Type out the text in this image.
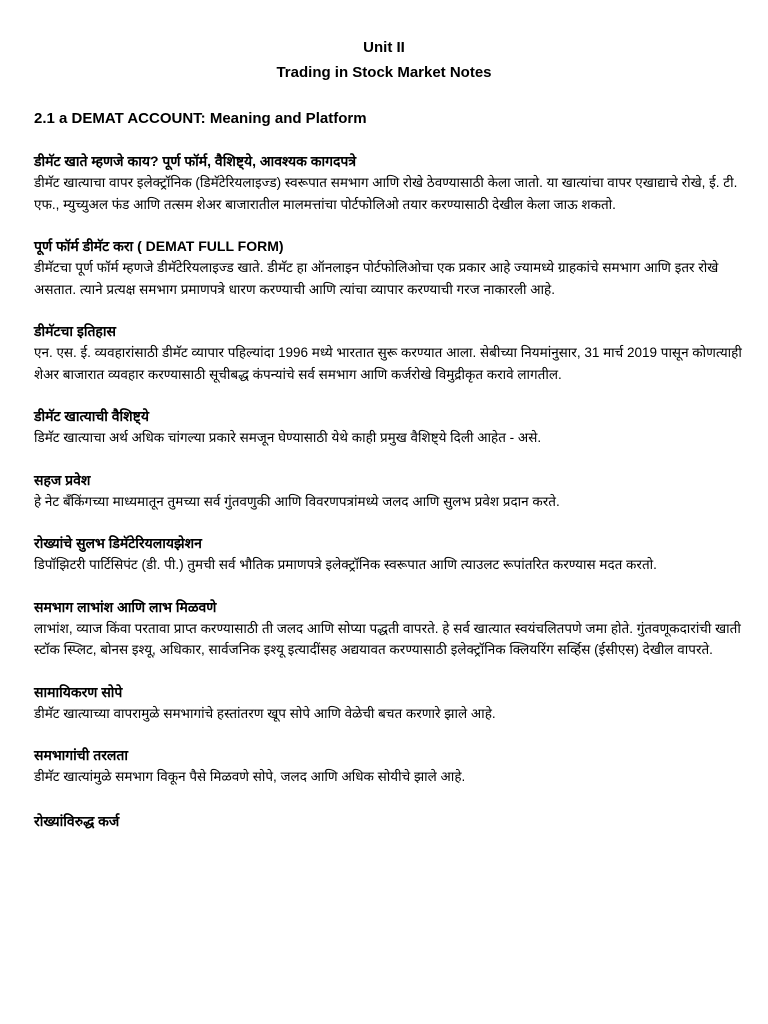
Unit II

Trading in Stock Market Notes

2.1 a DEMAT ACCOUNT: Meaning and Platform

डीमॅट खाते म्हणजे काय? पूर्ण फॉर्म, वैशिष्ट्ये, आवश्यक कागदपत्रे

डीमॅट खात्याचा वापर इलेक्ट्रॉनिक (डिमॅटेरियलाइज्ड) स्वरूपात समभाग आणि रोखे ठेवण्यासाठी केला जातो. या खात्यांचा वापर एखाद्याचे रोखे, ई. टी. एफ., म्युच्युअल फंड आणि तत्सम शेअर बाजारातील मालमत्तांचा पोर्टफोलिओ तयार करण्यासाठी देखील केला जाऊ शकतो.

पूर्ण फॉर्म डीमॅट करा ( DEMAT FULL FORM)

डीमॅटचा पूर्ण फॉर्म म्हणजे डीमॅटेरियलाइज्ड खाते. डीमॅट हा ऑनलाइन पोर्टफोलिओचा एक प्रकार आहे ज्यामध्ये ग्राहकांचे समभाग आणि इतर रोखे असतात. त्याने प्रत्यक्ष समभाग प्रमाणपत्रे धारण करण्याची आणि त्यांचा व्यापार करण्याची गरज नाकारली आहे.

डीमॅटचा इतिहास

एन. एस. ई. व्यवहारांसाठी डीमॅट व्यापार पहिल्यांदा 1996 मध्ये भारतात सुरू करण्यात आला. सेबीच्या नियमांनुसार, 31 मार्च 2019 पासून कोणत्याही शेअर बाजारात व्यवहार करण्यासाठी सूचीबद्ध कंपन्यांचे सर्व समभाग आणि कर्जरोखे विमुद्रीकृत करावे लागतील.

डीमॅट खात्याची वैशिष्ट्ये

डिमॅट खात्याचा अर्थ अधिक चांगल्या प्रकारे समजून घेण्यासाठी येथे काही प्रमुख वैशिष्ट्ये दिली आहेत - असे.

सहज प्रवेश

हे नेट बँकिंगच्या माध्यमातून तुमच्या सर्व गुंतवणुकी आणि विवरणपत्रांमध्ये जलद आणि सुलभ प्रवेश प्रदान करते.

रोख्यांचे सुलभ डिमॅटेरियलायझेशन

डिपॉझिटरी पार्टिसिपंट (डी. पी.) तुमची सर्व भौतिक प्रमाणपत्रे इलेक्ट्रॉनिक स्वरूपात आणि त्याउलट रूपांतरित करण्यास मदत करतो.

समभाग लाभांश आणि लाभ मिळवणे

लाभांश, व्याज किंवा परतावा प्राप्त करण्यासाठी ती जलद आणि सोप्या पद्धती वापरते. हे सर्व खात्यात स्वयंचलितपणे जमा होते. गुंतवणूकदारांची खाती स्टॉक स्प्लिट, बोनस इश्यू, अधिकार, सार्वजनिक इश्यू इत्यादींसह अद्ययावत करण्यासाठी इलेक्ट्रॉनिक क्लियरिंग सर्व्हिस (ईसीएस) देखील वापरते.

सामायिकरण सोपे

डीमॅट खात्याच्या वापरामुळे समभागांचे हस्तांतरण खूप सोपे आणि वेळेची बचत करणारे झाले आहे.

समभागांची तरलता

डीमॅट खात्यांमुळे समभाग विकून पैसे मिळवणे सोपे, जलद आणि अधिक सोयीचे झाले आहे.

रोख्यांविरुद्ध कर्ज
